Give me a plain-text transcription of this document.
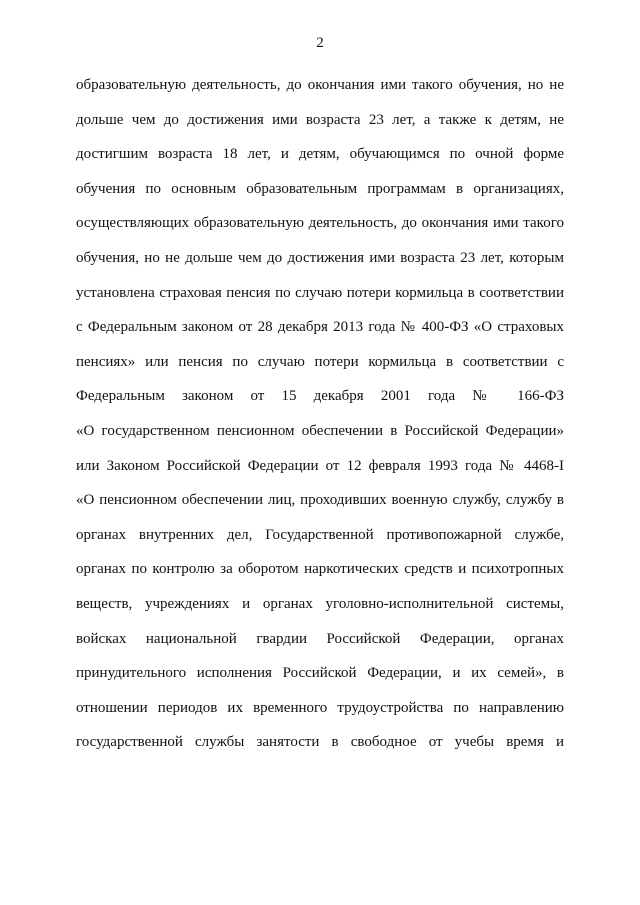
2
образовательную деятельность, до окончания ими такого обучения, но не
дольше чем до достижения ими возраста 23 лет, а также к детям, не
достигшим возраста 18 лет, и детям, обучающимся по очной форме
обучения по основным образовательным программам в организациях,
осуществляющих образовательную деятельность, до окончания ими такого
обучения, но не дольше чем до достижения ими возраста 23 лет, которым
установлена страховая пенсия по случаю потери кормильца в соответствии
с Федеральным законом от 28 декабря 2013 года № 400-ФЗ «О страховых
пенсиях» или пенсия по случаю потери кормильца в соответствии с
Федеральным законом от 15 декабря 2001 года № 166-ФЗ
«О государственном пенсионном обеспечении в Российской Федерации»
или Законом Российской Федерации от 12 февраля 1993 года № 4468-I
«О пенсионном обеспечении лиц, проходивших военную службу, службу в
органах внутренних дел, Государственной противопожарной службе,
органах по контролю за оборотом наркотических средств и психотропных
веществ, учреждениях и органах уголовно-исполнительной системы,
войсках национальной гвардии Российской Федерации, органах
принудительного исполнения Российской Федерации, и их семей», в
отношении периодов их временного трудоустройства по направлению
государственной службы занятости в свободное от учебы время и
